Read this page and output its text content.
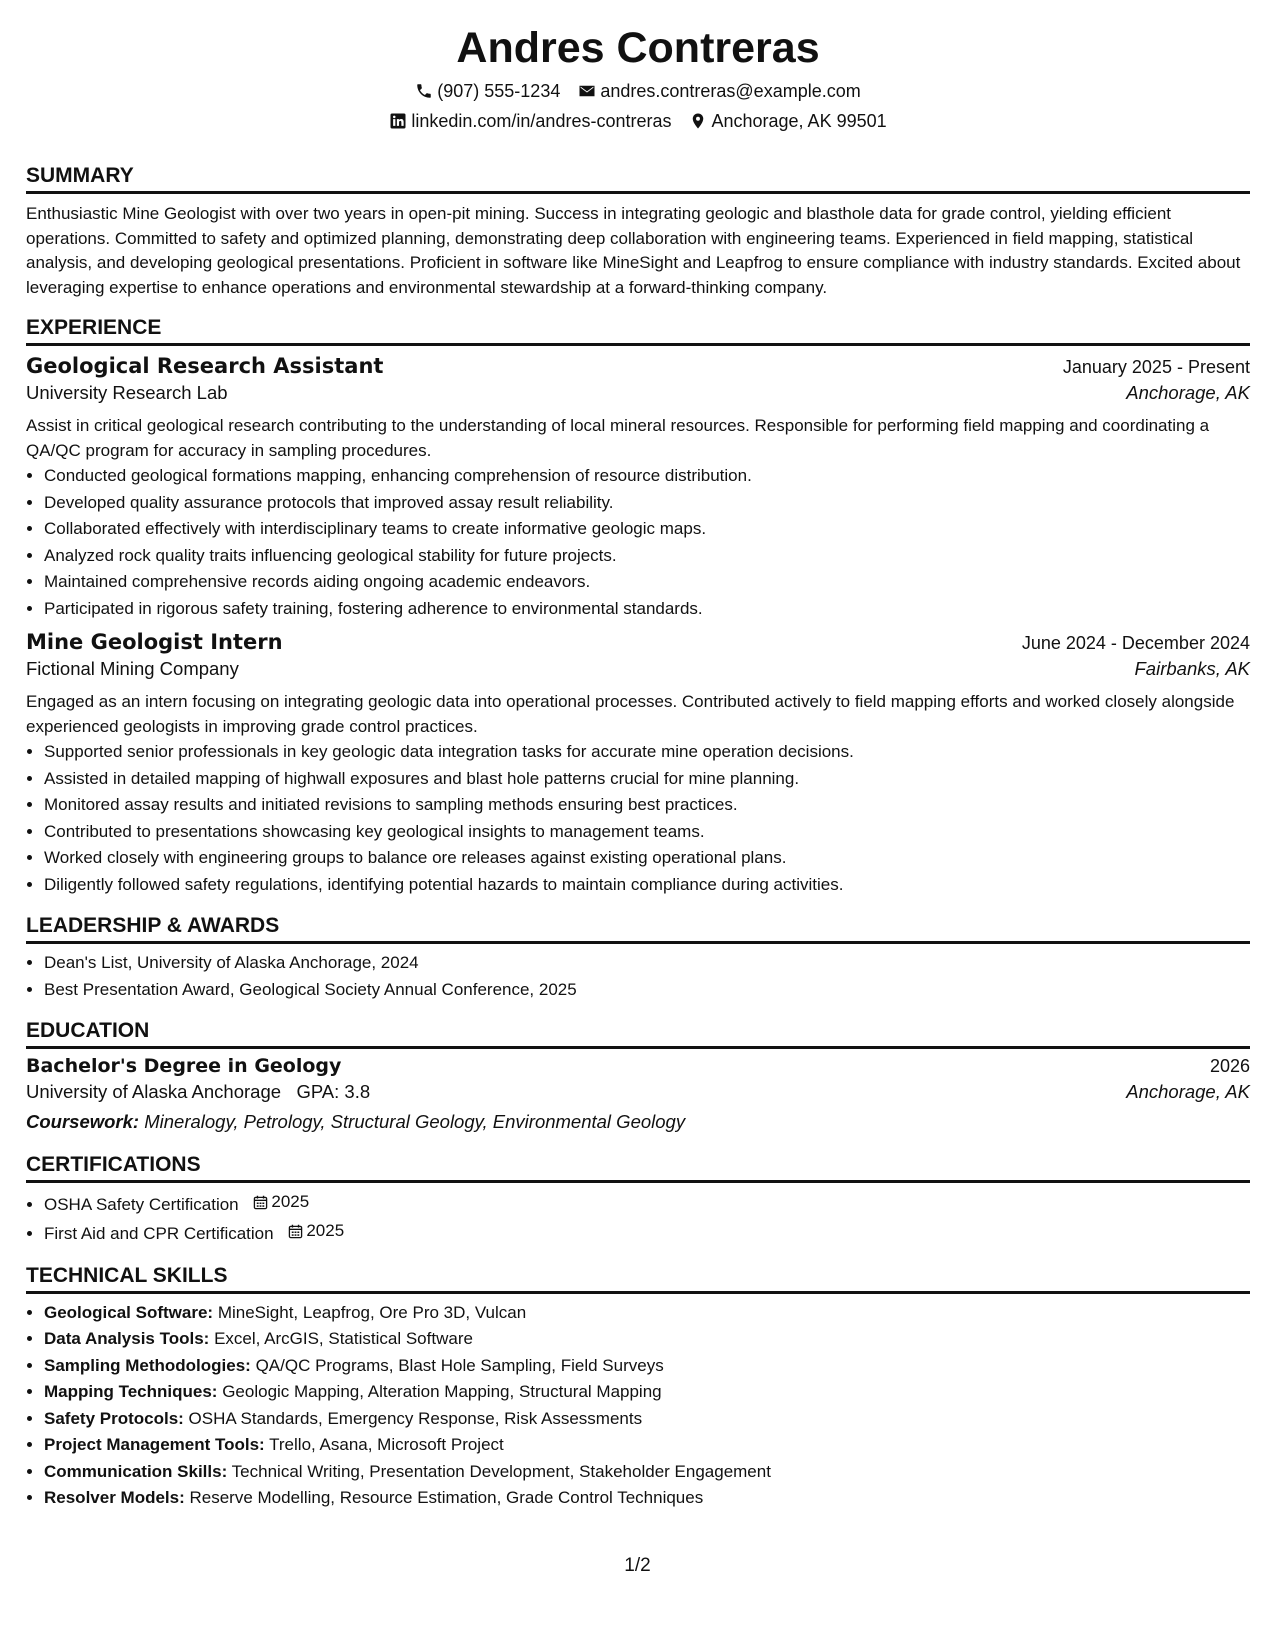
Andres Contreras
(907) 555-1234 andres.contreras@example.com
linkedin.com/in/andres-contreras Anchorage, AK 99501
SUMMARY

Enthusiastic Mine Geologist with over two years in open-pit mining. Success in integrating geologic and blasthole data for grade control, yielding efficient operations. Committed to safety and optimized planning, demonstrating deep collaboration with engineering teams. Experienced in field mapping, statistical analysis, and developing geological presentations. Proficient in software like MineSight and Leapfrog to ensure compliance with industry standards. Excited about leveraging expertise to enhance operations and environmental stewardship at a forward-thinking company.

EXPERIENCE
Geological Research Assistant	January 2025 - Present
University Research Lab	Anchorage, AK

Assist in critical geological research contributing to the understanding of local mineral resources. Responsible for performing field mapping and coordinating a QA/QC program for accuracy in sampling procedures.

• Conducted geological formations mapping, enhancing comprehension of resource distribution.
• Developed quality assurance protocols that improved assay result reliability.
• Collaborated effectively with interdisciplinary teams to create informative geologic maps.
• Analyzed rock quality traits influencing geological stability for future projects.
• Maintained comprehensive records aiding ongoing academic endeavors.
• Participated in rigorous safety training, fostering adherence to environmental standards.
Mine Geologist Intern	June 2024 - December 2024
Fictional Mining Company	Fairbanks, AK

Engaged as an intern focusing on integrating geologic data into operational processes. Contributed actively to field mapping efforts and worked closely alongside experienced geologists in improving grade control practices.

• Supported senior professionals in key geologic data integration tasks for accurate mine operation decisions.
• Assisted in detailed mapping of highwall exposures and blast hole patterns crucial for mine planning.
• Monitored assay results and initiated revisions to sampling methods ensuring best practices.
• Contributed to presentations showcasing key geological insights to management teams.
• Worked closely with engineering groups to balance ore releases against existing operational plans.
• Diligently followed safety regulations, identifying potential hazards to maintain compliance during activities.
LEADERSHIP & AWARDS
• Dean's List, University of Alaska Anchorage, 2024
• Best Presentation Award, Geological Society Annual Conference, 2025
EDUCATION
Bachelor's Degree in Geology	2026
University of Alaska Anchorage GPA: 3.8	Anchorage, AK
Coursework: Mineralogy, Petrology, Structural Geology, Environmental Geology
CERTIFICATIONS
• OSHA Safety Certification 2025
• First Aid and CPR Certification 2025
TECHNICAL SKILLS
• Geological Software: MineSight, Leapfrog, Ore Pro 3D, Vulcan
• Data Analysis Tools: Excel, ArcGIS, Statistical Software
• Sampling Methodologies: QA/QC Programs, Blast Hole Sampling, Field Surveys
• Mapping Techniques: Geologic Mapping, Alteration Mapping, Structural Mapping
• Safety Protocols: OSHA Standards, Emergency Response, Risk Assessments
• Project Management Tools: Trello, Asana, Microsoft Project
• Communication Skills: Technical Writing, Presentation Development, Stakeholder Engagement
• Resolver Models: Reserve Modelling, Resource Estimation, Grade Control Techniques
1/2
